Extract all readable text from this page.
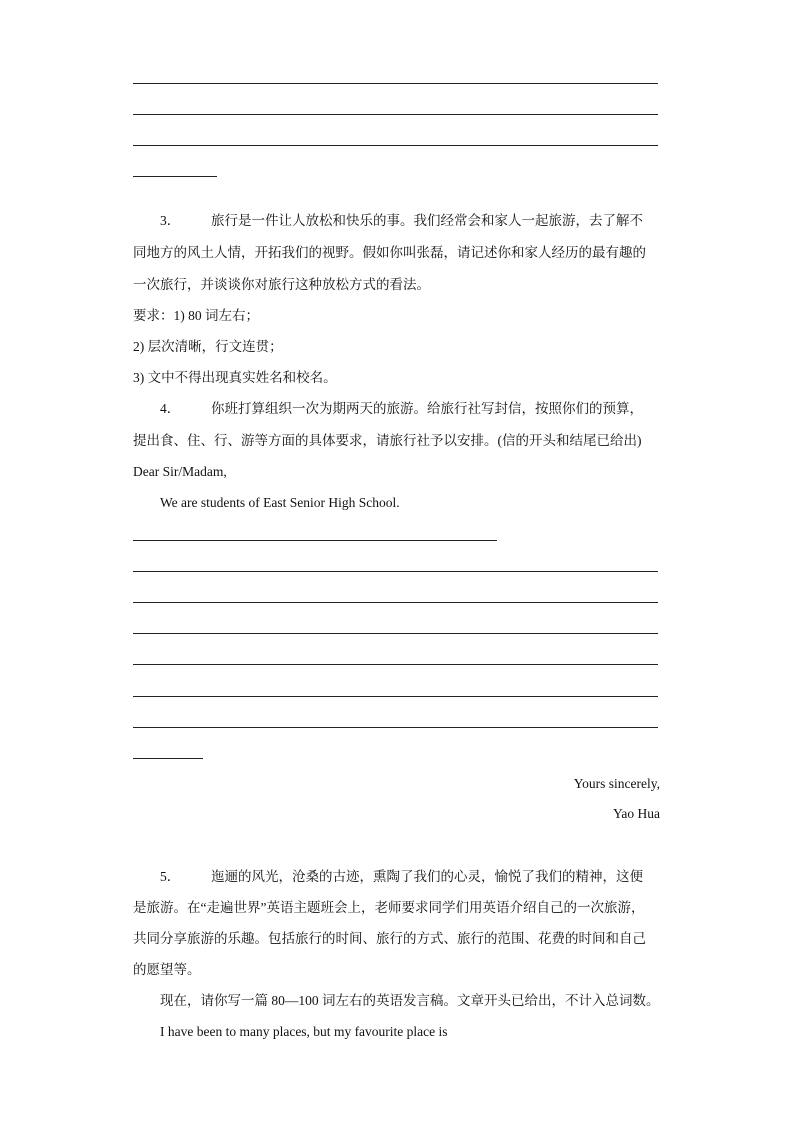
3． 旅行是一件让人放松和快乐的事。我们经常会和家人一起旅游，去了解不
同地方的风土人情，开拓我们的视野。假如你叫张磊，请记述你和家人经历的最有趣的
一次旅行，并谈谈你对旅行这种放松方式的看法。
要求：1) 80 词左右；
2) 层次清晰，行文连贯；
3) 文中不得出现真实姓名和校名。
4． 你班打算组织一次为期两天的旅游。给旅行社写封信，按照你们的预算，
提出食、住、行、游等方面的具体要求，请旅行社予以安排。(信的开头和结尾已给出)
Dear Sir/Madam,
We are students of East Senior High School.
Yours sincerely,
Yao Hua
5． 迤逦的风光，沧桑的古迹，熏陶了我们的心灵，愉悦了我们的精神，这便
是旅游。在“走遍世界”英语主题班会上，老师要求同学们用英语介绍自己的一次旅游，
共同分享旅游的乐趣。包括旅行的时间、旅行的方式、旅行的范围、花费的时间和自己
的愿望等。
现在，请你写一篇 80—100 词左右的英语发言稿。文章开头已给出，不计入总词数。
I have been to many places, but my favourite place is
